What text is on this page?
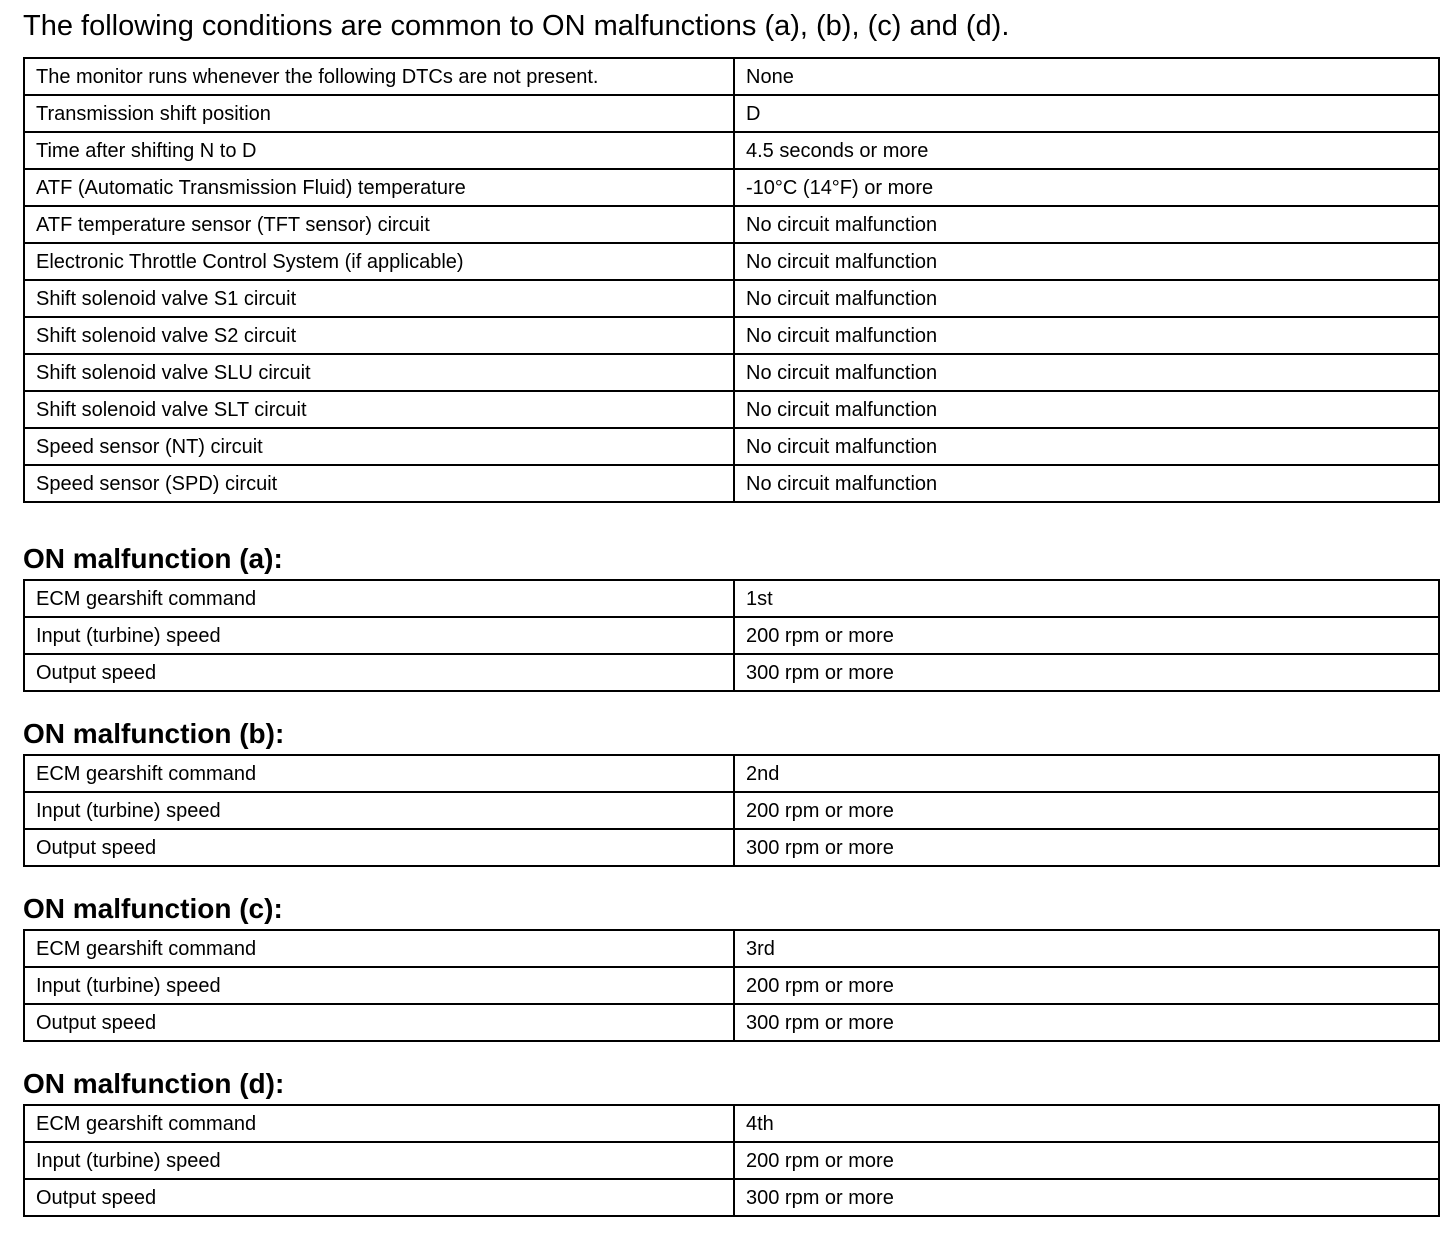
The following conditions are common to ON malfunctions (a), (b), (c) and (d).

The monitor runs whenever the following DTCs are not present.	None
Transmission shift position	D
Time after shifting N to D	4.5 seconds or more
ATF (Automatic Transmission Fluid) temperature	-10°C (14°F) or more
ATF temperature sensor (TFT sensor) circuit	No circuit malfunction
Electronic Throttle Control System (if applicable)	No circuit malfunction
Shift solenoid valve S1 circuit	No circuit malfunction
Shift solenoid valve S2 circuit	No circuit malfunction
Shift solenoid valve SLU circuit	No circuit malfunction
Shift solenoid valve SLT circuit	No circuit malfunction
Speed sensor (NT) circuit	No circuit malfunction
Speed sensor (SPD) circuit	No circuit malfunction
ON malfunction (a):
ECM gearshift command	1st
Input (turbine) speed	200 rpm or more
Output speed	300 rpm or more
ON malfunction (b):
ECM gearshift command	2nd
Input (turbine) speed	200 rpm or more
Output speed	300 rpm or more
ON malfunction (c):
ECM gearshift command	3rd
Input (turbine) speed	200 rpm or more
Output speed	300 rpm or more
ON malfunction (d):
ECM gearshift command	4th
Input (turbine) speed	200 rpm or more
Output speed	300 rpm or more
